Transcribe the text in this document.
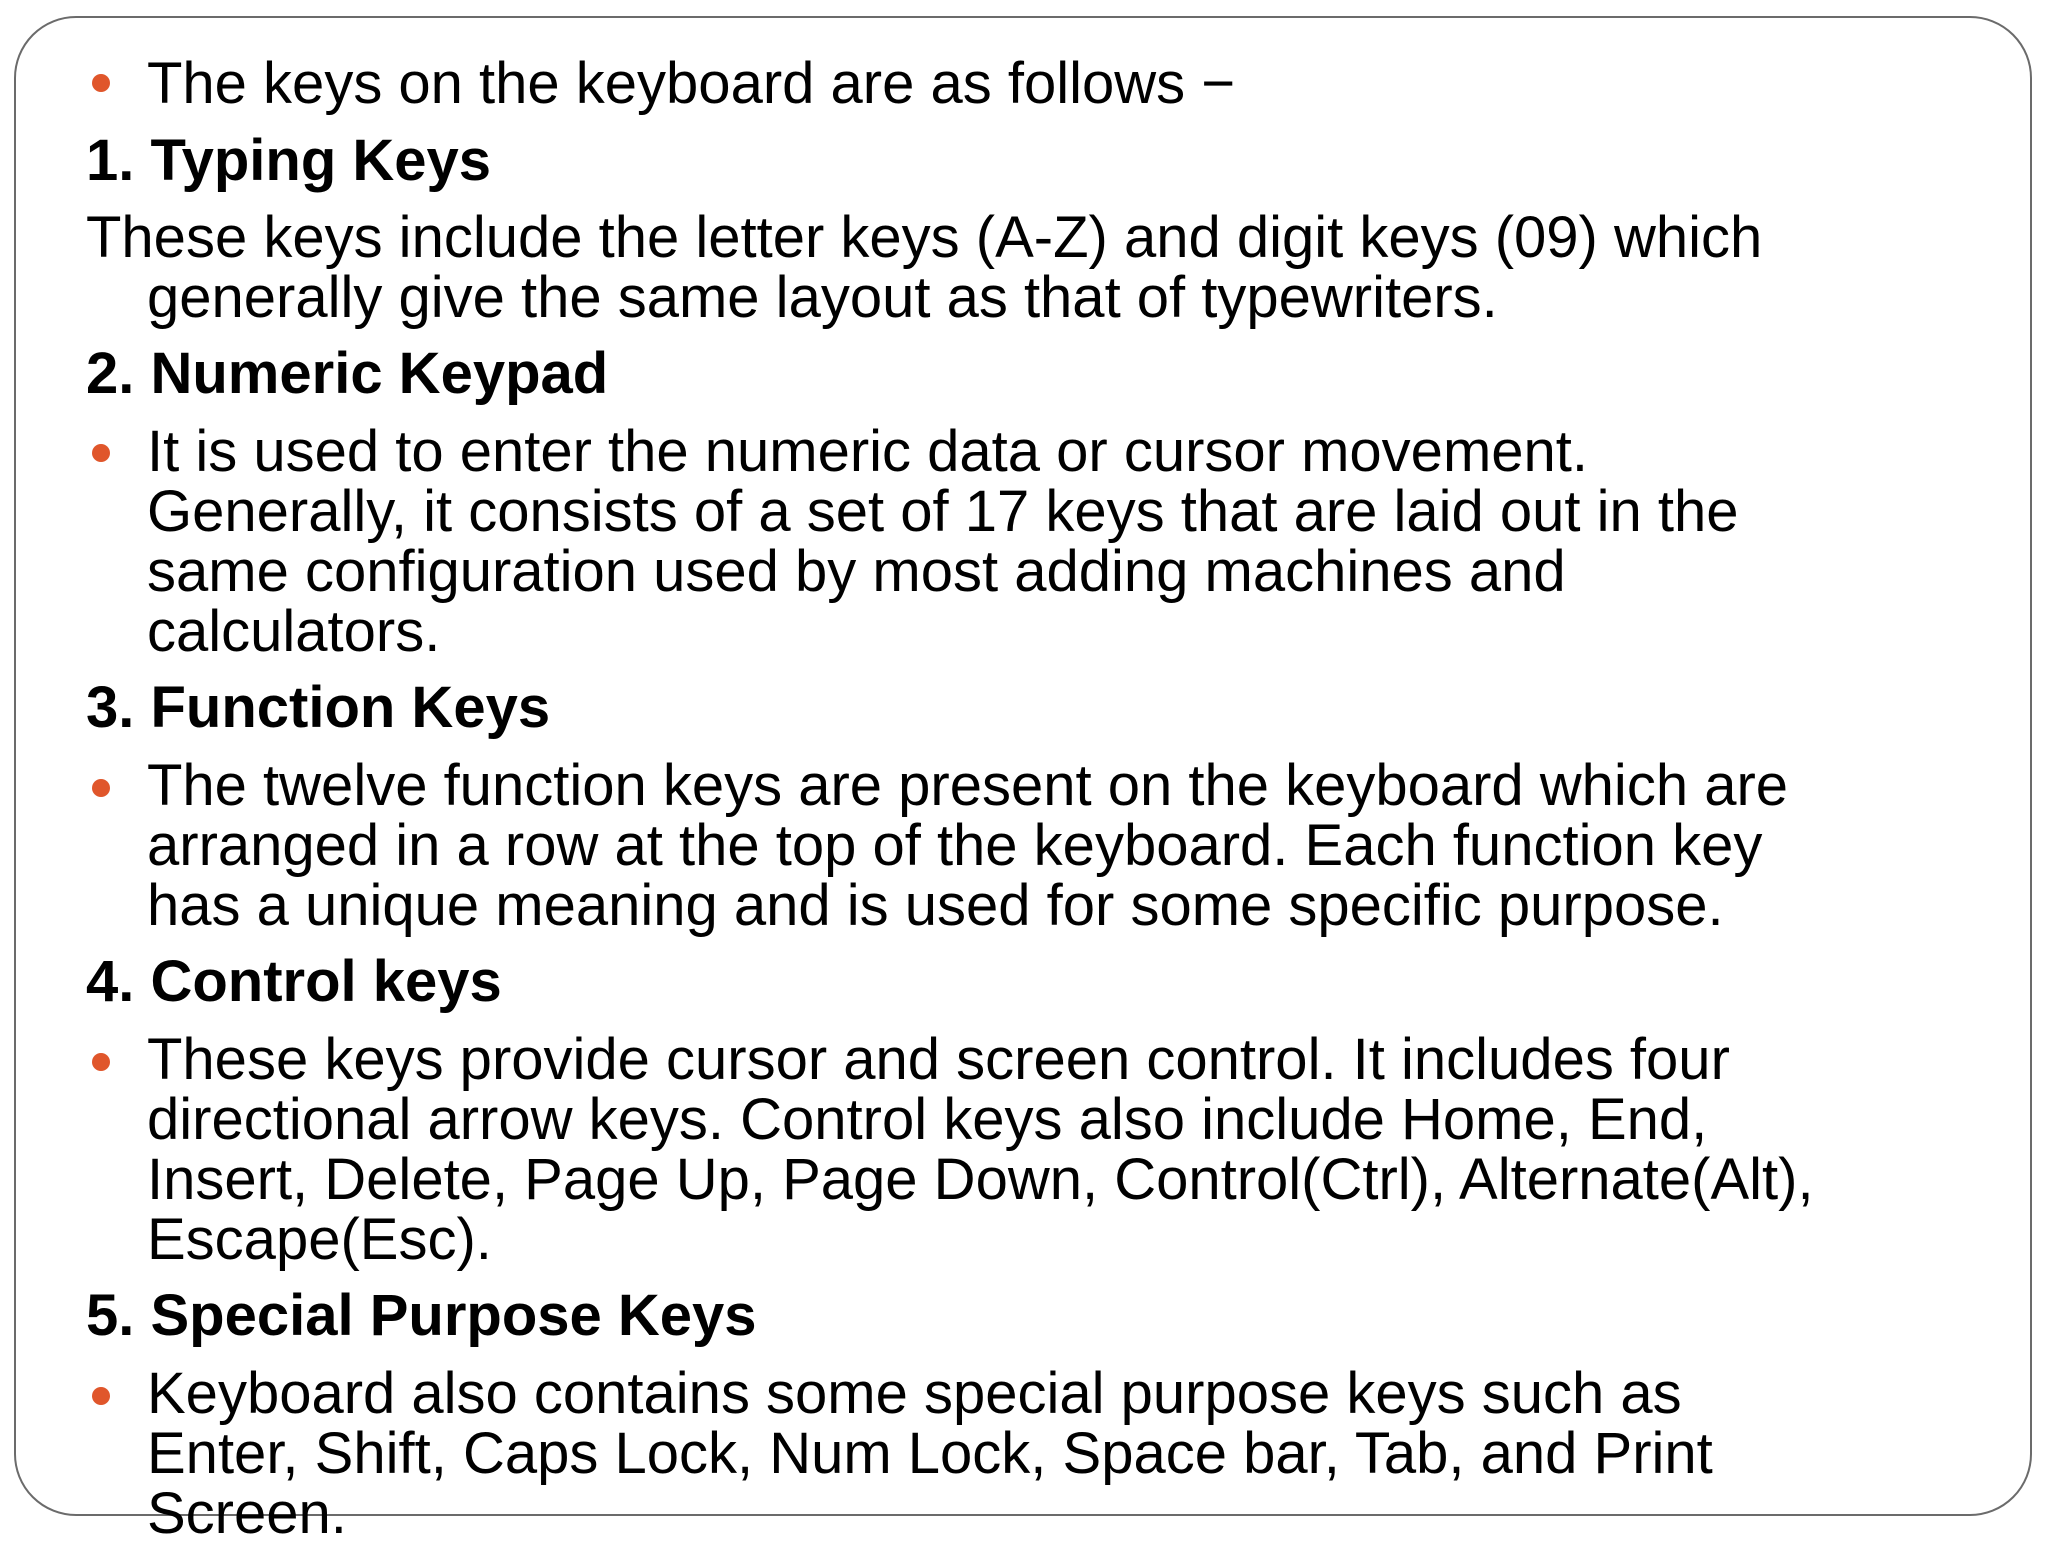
The keys on the keyboard are as follows −
1. Typing Keys
These keys include the letter keys (A-Z) and digit keys (09) which
generally give the same layout as that of typewriters.
2. Numeric Keypad
It is used to enter the numeric data or cursor movement.
Generally, it consists of a set of 17 keys that are laid out in the
same configuration used by most adding machines and
calculators.
3. Function Keys
The twelve function keys are present on the keyboard which are
arranged in a row at the top of the keyboard. Each function key
has a unique meaning and is used for some specific purpose.
4. Control keys
These keys provide cursor and screen control. It includes four
directional arrow keys. Control keys also include Home, End,
Insert, Delete, Page Up, Page Down, Control(Ctrl), Alternate(Alt),
Escape(Esc).
5. Special Purpose Keys
Keyboard also contains some special purpose keys such as
Enter, Shift, Caps Lock, Num Lock, Space bar, Tab, and Print
Screen.
